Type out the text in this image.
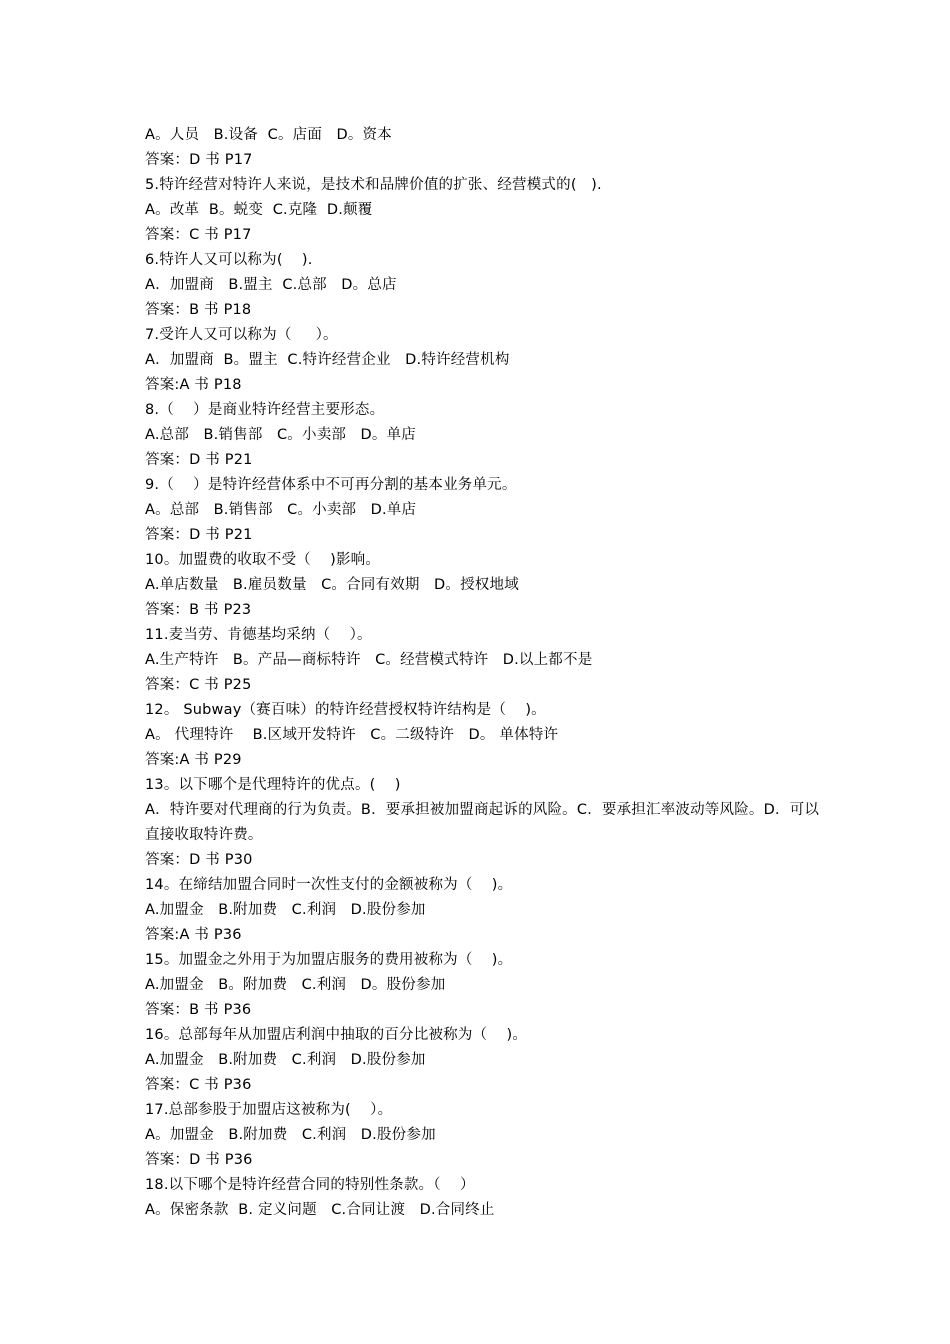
A。人员   B.设备  C。店面   D。资本
答案：D 书 P17
5.特许经营对特许人来说，是技术和品牌价值的扩张、经营模式的(   ).
A。改革  B。蜕变  C.克隆  D.颠覆
答案：C 书 P17
6.特许人又可以称为(    ).
A．加盟商   B.盟主  C.总部   D。总店
答案：B 书 P18
7.受许人又可以称为（     ）。
A．加盟商  B。盟主  C.特许经营企业   D.特许经营机构
答案:A 书 P18
8.（    ）是商业特许经营主要形态。
A.总部   B.销售部   C。小卖部   D。单店
答案：D 书 P21
9.（    ）是特许经营体系中不可再分割的基本业务单元。
A。总部   B.销售部   C。小卖部   D.单店
答案：D 书 P21
10。加盟费的收取不受（    )影响。
A.单店数量   B.雇员数量   C。合同有效期   D。授权地域
答案：B 书 P23
11.麦当劳、肯德基均采纳（    ）。
A.生产特许   B。产品—商标特许   C。经营模式特许   D.以上都不是
答案：C 书 P25
12。 Subway（赛百味）的特许经营授权特许结构是（    )。
A。 代理特许    B.区域开发特许   C。二级特许   D。 单体特许
答案:A 书 P29
13。以下哪个是代理特许的优点。(    )
A．特许要对代理商的行为负责。B．要承担被加盟商起诉的风险。C．要承担汇率波动等风险。D．可以直接收取特许费。
答案：D 书 P30
14。在缔结加盟合同时一次性支付的金额被称为（    )。
A.加盟金   B.附加费   C.利润   D.股份参加
答案:A 书 P36
15。加盟金之外用于为加盟店服务的费用被称为（    )。
A.加盟金   B。附加费   C.利润   D。股份参加
答案：B 书 P36
16。总部每年从加盟店利润中抽取的百分比被称为（    )。
A.加盟金   B.附加费   C.利润   D.股份参加
答案：C 书 P36
17.总部参股于加盟店这被称为(    ）。
A。加盟金   B.附加费   C.利润   D.股份参加
答案：D 书 P36
18.以下哪个是特许经营合同的特别性条款。（    ）
A。保密条款  B. 定义问题   C.合同让渡   D.合同终止
